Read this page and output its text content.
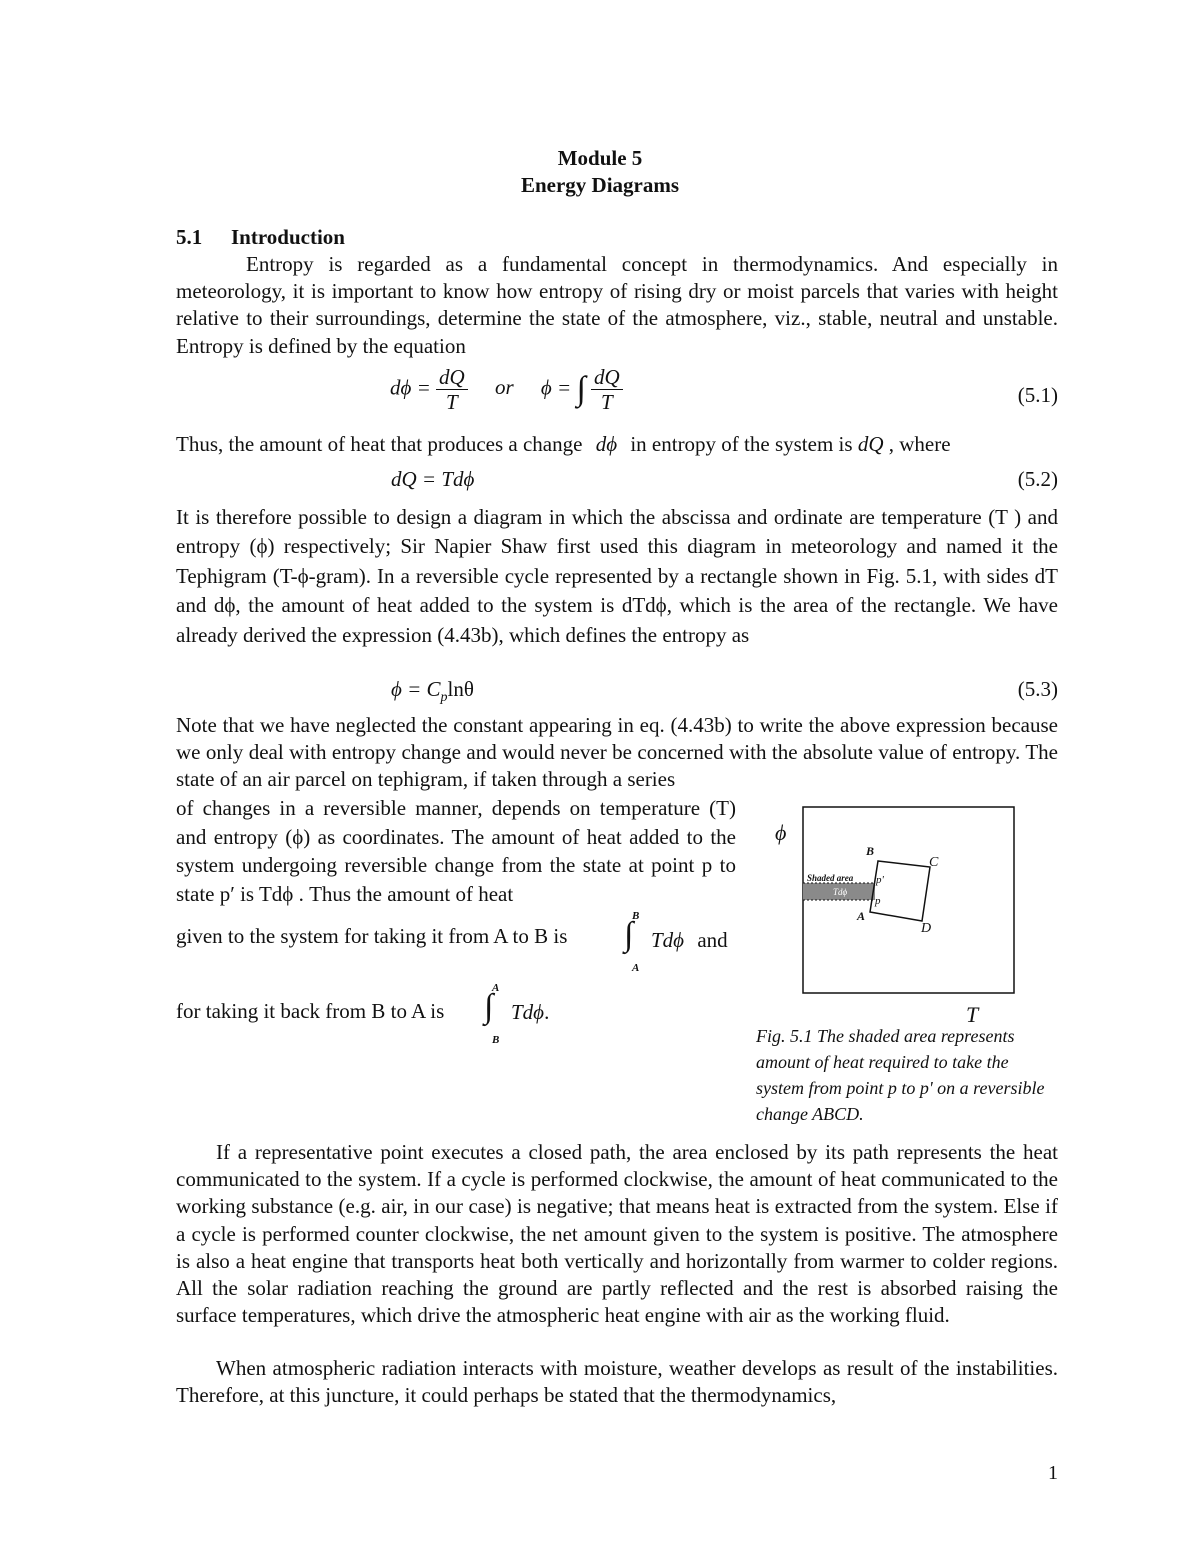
Module 5
Energy Diagrams
5.1 Introduction
Entropy is regarded as a fundamental concept in thermodynamics. And especially in meteorology, it is important to know how entropy of rising dry or moist parcels that varies with height relative to their surroundings, determine the state of the atmosphere, viz., stable, neutral and unstable. Entropy is defined by the equation
$d\phi = \frac{dQ}{T}$ or ϕ = ∫ $\frac{dQ}{T}$	(5.1)
Thus, the amount of heat that produces a change dϕ in entropy of the system is dQ , where
dQ = Tdϕ	(5.2)
It is therefore possible to design a diagram in which the abscissa and ordinate are temperature (T ) and entropy (ϕ) respectively; Sir Napier Shaw first used this diagram in meteorology and named it the Tephigram (T-ϕ-gram). In a reversible cycle represented by a rectangle shown in Fig. 5.1, with sides dT and dϕ, the amount of heat added to the system is dTdϕ, which is the area of the rectangle. We have already derived the expression (4.43b), which defines the entropy as
$\phi = C_p\ln\theta$	(5.3)
Note that we have neglected the constant appearing in eq. (4.43b) to write the above expression because we only deal with entropy change and would never be concerned with the absolute value of entropy. The state of an air parcel on tephigram, if taken through a series
of changes in a reversible manner, depends on temperature (T) and entropy (ϕ) as coordinates. The amount of heat added to the system undergoing reversible change from the state at point p to state p′ is Tdϕ . Thus the amount of heat
given to the system for taking it from A to B is
B
∫
A
Tdϕ and
for taking it back from B to A is
A
∫
B
Tdϕ.
ϕ
B
C
D
A
p'
p
Shaded area
Tdϕ
T
Fig. 5.1 The shaded area represents amount of heat required to take the system from point p to p' on a reversible change ABCD.
If a representative point executes a closed path, the area enclosed by its path represents the heat communicated to the system. If a cycle is performed clockwise, the amount of heat communicated to the working substance (e.g. air, in our case) is negative; that means heat is extracted from the system. Else if a cycle is performed counter clockwise, the net amount given to the system is positive. The atmosphere is also a heat engine that transports heat both vertically and horizontally from warmer to colder regions. All the solar radiation reaching the ground are partly reflected and the rest is absorbed raising the surface temperatures, which drive the atmospheric heat engine with air as the working fluid.
When atmospheric radiation interacts with moisture, weather develops as result of the instabilities. Therefore, at this juncture, it could perhaps be stated that the thermodynamics,
1
